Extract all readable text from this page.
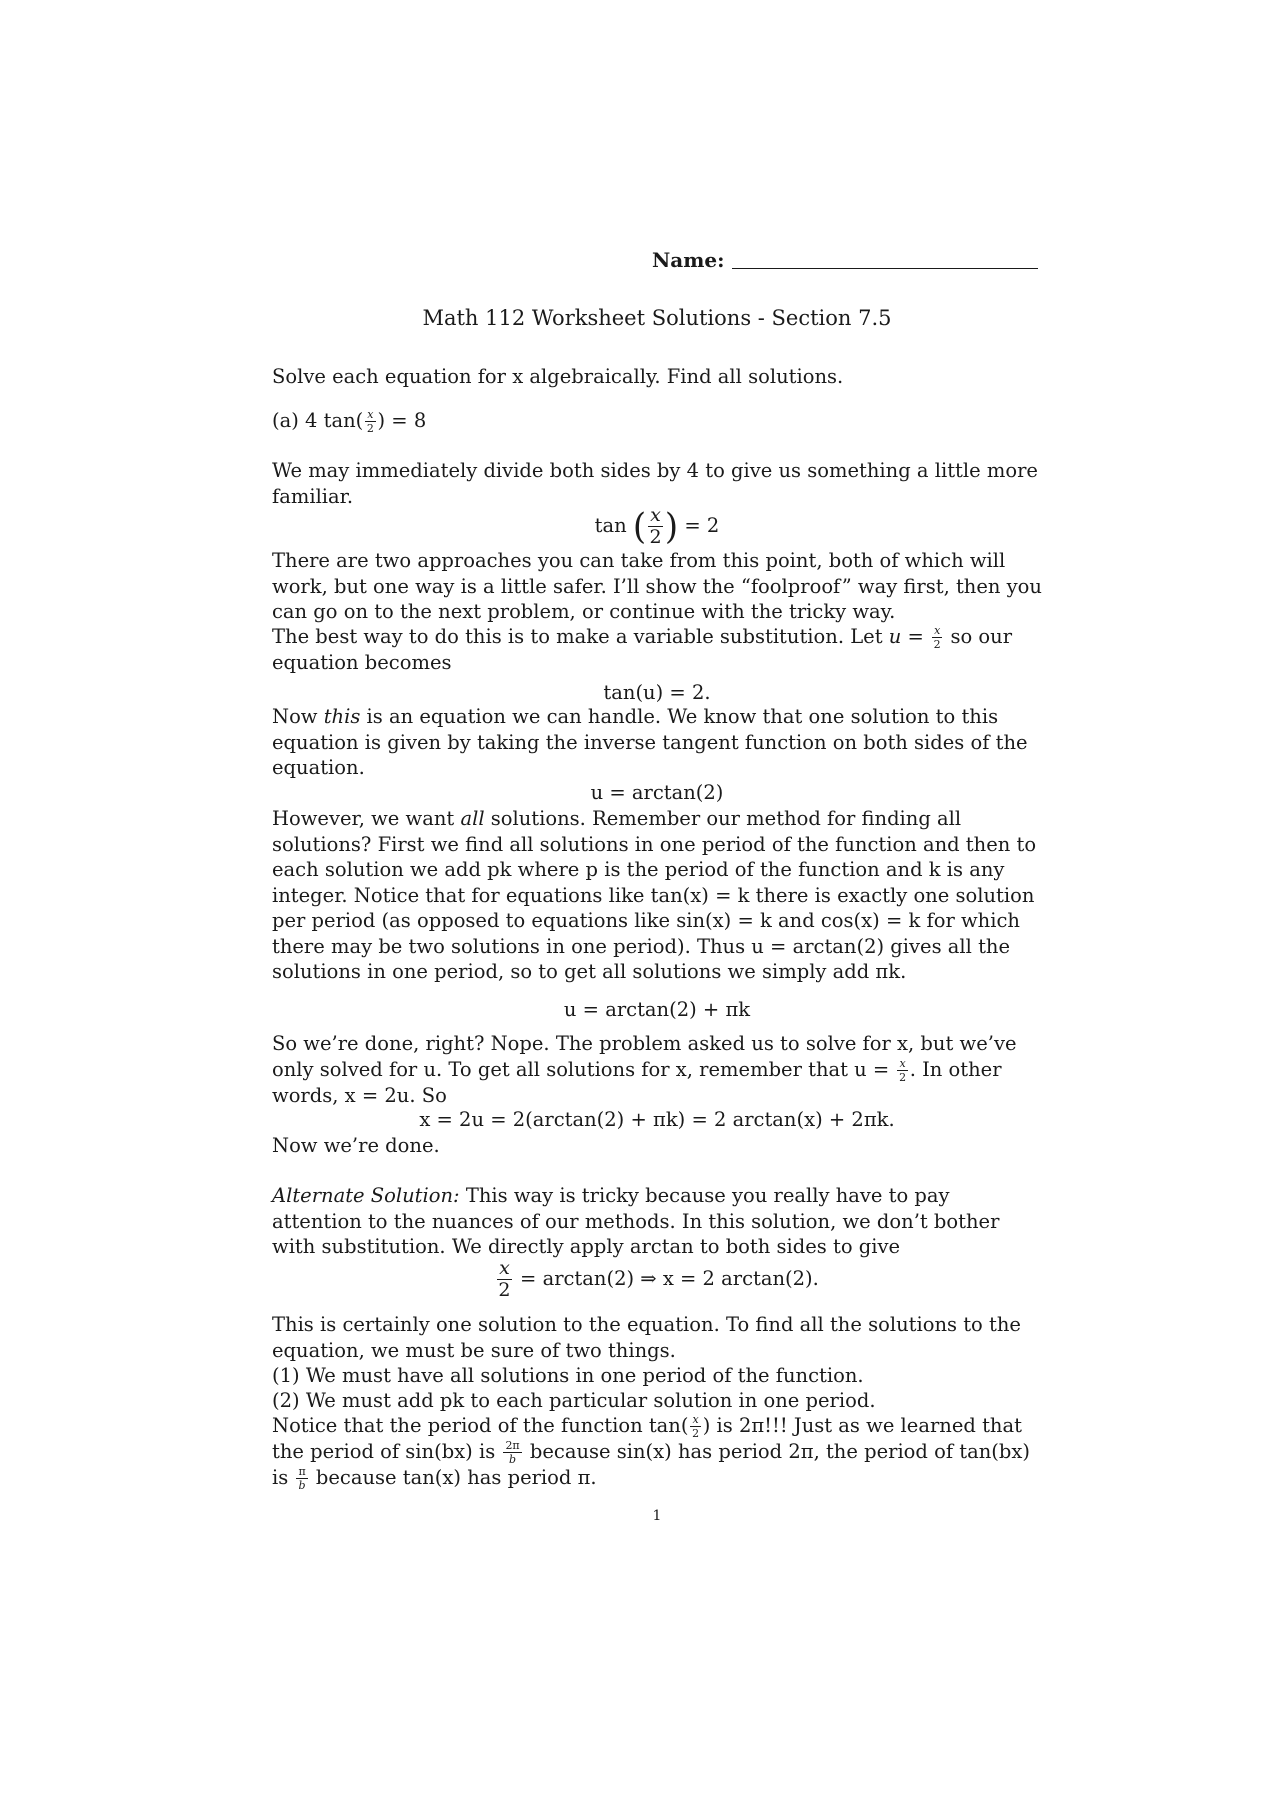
Name:
Math 112 Worksheet Solutions - Section 7.5

Solve each equation for x algebraically. Find all solutions.

(a) 4 $\tan( \frac{x}{2}$ ) = 8

We may immediately divide both sides by 4 to give us something a little more familiar.

tan ( $\frac{x}{2}$ ) = 2

There are two approaches you can take from this point, both of which will work, but one way is a little safer. I’ll show the “foolproof” way first, then you can go on to the next problem, or continue with the tricky way.

The best way to do this is to make a variable substitution. Let $u = \frac{x}{2}$ so our equation becomes

tan(u) = 2.

Now this is an equation we can handle. We know that one solution to this equation is given by taking the inverse tangent function on both sides of the equation.

u = arctan(2)

However, we want all solutions. Remember our method for finding all solutions? First we find all solutions in one period of the function and then to each solution we add pk where p is the period of the function and k is any integer. Notice that for equations like tan(x) = k there is exactly one solution per period (as opposed to equations like sin(x) = k and cos(x) = k for which there may be two solutions in one period). Thus u = arctan(2) gives all the solutions in one period, so to get all solutions we simply add πk.

u = arctan(2) + πk

So we’re done, right? Nope. The problem asked us to solve for x, but we’ve only solved for u. To get all solutions for x, remember that $u = \frac{x}{2}$ . In other words, x = 2u. So

x = 2u = 2(arctan(2) + πk) = 2 arctan(x) + 2πk.

Now we’re done.

Alternate Solution: This way is tricky because you really have to pay attention to the nuances of our methods. In this solution, we don’t bother with substitution. We directly apply arctan to both sides to give

$\frac{x}{2} = \arctan(2)$ ⇒ x = 2 arctan(2).

This is certainly one solution to the equation. To find all the solutions to the equation, we must be sure of two things.

(1) We must have all solutions in one period of the function.

(2) We must add pk to each particular solution in one period.

Notice that the period of the function $\tan( \frac{x}{2}$ ) is 2π!!! Just as we learned that the period of sin(bx) is $\frac{2\pi}{b}$ because sin(x) has period 2π, the period of tan(bx) is $\frac{\pi}{b}$ because tan(x) has period π.

1
